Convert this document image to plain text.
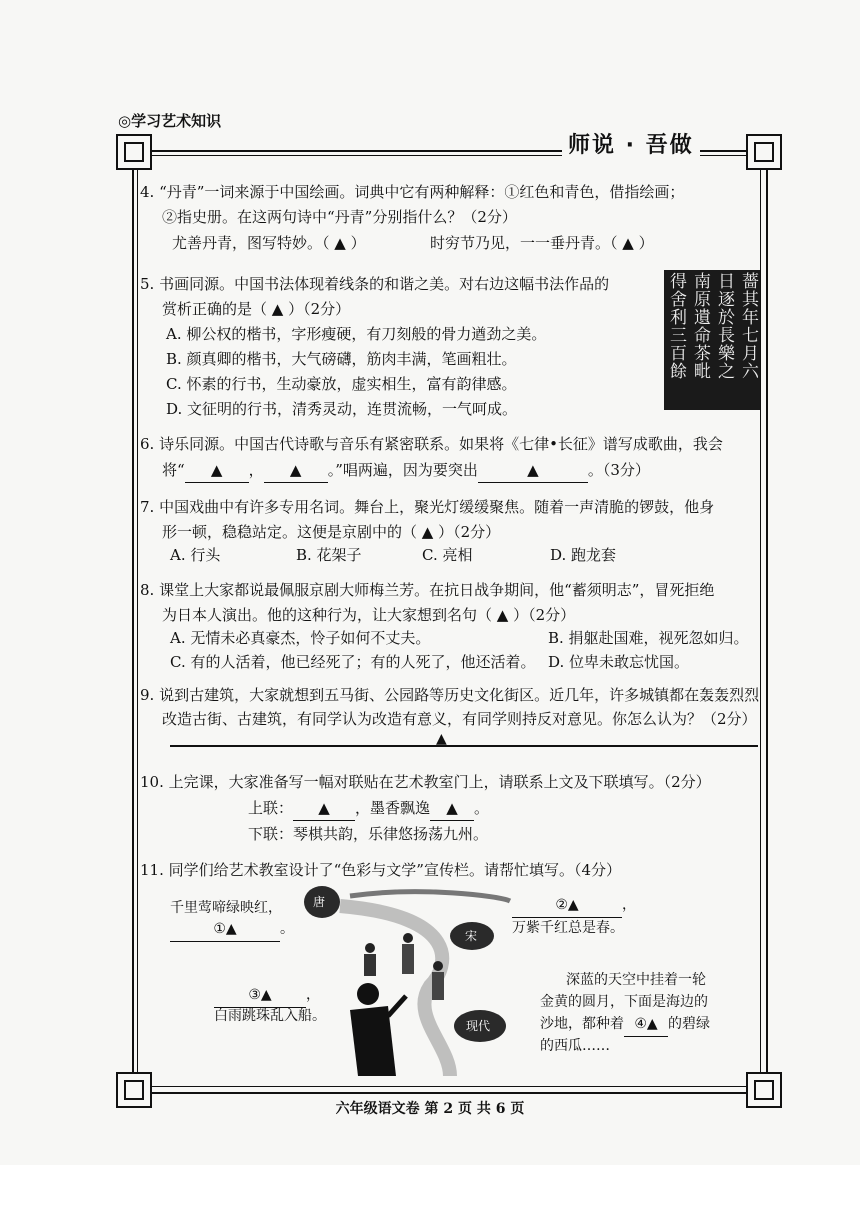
◎学习艺术知识
师说 · 吾做
4. “丹青”一词来源于中国绘画。词典中它有两种解释：①红色和青色，借指绘画；
②指史册。在这两句诗中“丹青”分别指什么？（2分）
尤善丹青，图写特妙。（ ▲ ）	时穷节乃见，一一垂丹青。（ ▲ ）
5. 书画同源。中国书法体现着线条的和谐之美。对右边这幅书法作品的
赏析正确的是（ ▲ ）（2分）
A. 柳公权的楷书，字形瘦硬，有刀刻般的骨力遒劲之美。
B. 颜真卿的楷书，大气磅礴，筋肉丰满，笔画粗壮。
C. 怀素的行书，生动豪放，虚实相生，富有韵律感。
D. 文征明的行书，清秀灵动，连贯流畅，一气呵成。
薔其年七月六
日逐於長樂之
南原遺命茶毗
得舍利三百餘
6. 诗乐同源。中国古代诗歌与音乐有紧密联系。如果将《七律•长征》谱写成歌曲，我会
将“ ▲ ， ▲ 。”唱两遍，因为要突出	▲	。（3分）
7. 中国戏曲中有许多专用名词。舞台上，聚光灯缓缓聚焦。随着一声清脆的锣鼓，他身
形一顿，稳稳站定。这便是京剧中的（ ▲ ）（2分）
A. 行头	B. 花架子	C. 亮相	D. 跑龙套
8. 课堂上大家都说最佩服京剧大师梅兰芳。在抗日战争期间，他“蓄须明志”，冒死拒绝
为日本人演出。他的这种行为，让大家想到名句（ ▲ ）（2分）
A. 无情未必真豪杰，怜子如何不丈夫。	B. 捐躯赴国难，视死忽如归。
C. 有的人活着，他已经死了；有的人死了，他还活着。 D. 位卑未敢忘忧国。
9. 说到古建筑，大家就想到五马街、公园路等历史文化街区。近几年，许多城镇都在轰轰烈烈
改造古街、古建筑，有同学认为改造有意义，有同学则持反对意见。你怎么认为？（2分）
▲
10. 上完课，大家准备写一幅对联贴在艺术教室门上，请联系上文及下联填写。（2分）
上联： ▲ ，墨香飘逸 ▲ 。
下联：琴棋共韵，乐律悠扬荡九州。
11. 同学们给艺术教室设计了“色彩与文学”宣传栏。请帮忙填写。（4分）
千里莺啼绿映红，
①▲	。
②▲	，
万紫千红总是春。
③▲ ，
白雨跳珠乱入船。
深蓝的天空中挂着一轮
金黄的圆月，下面是海边的
沙地，都种着 ④▲ 的碧绿
的西瓜……
唐
宋
现代
六年级语文卷 第 2 页 共 6 页
